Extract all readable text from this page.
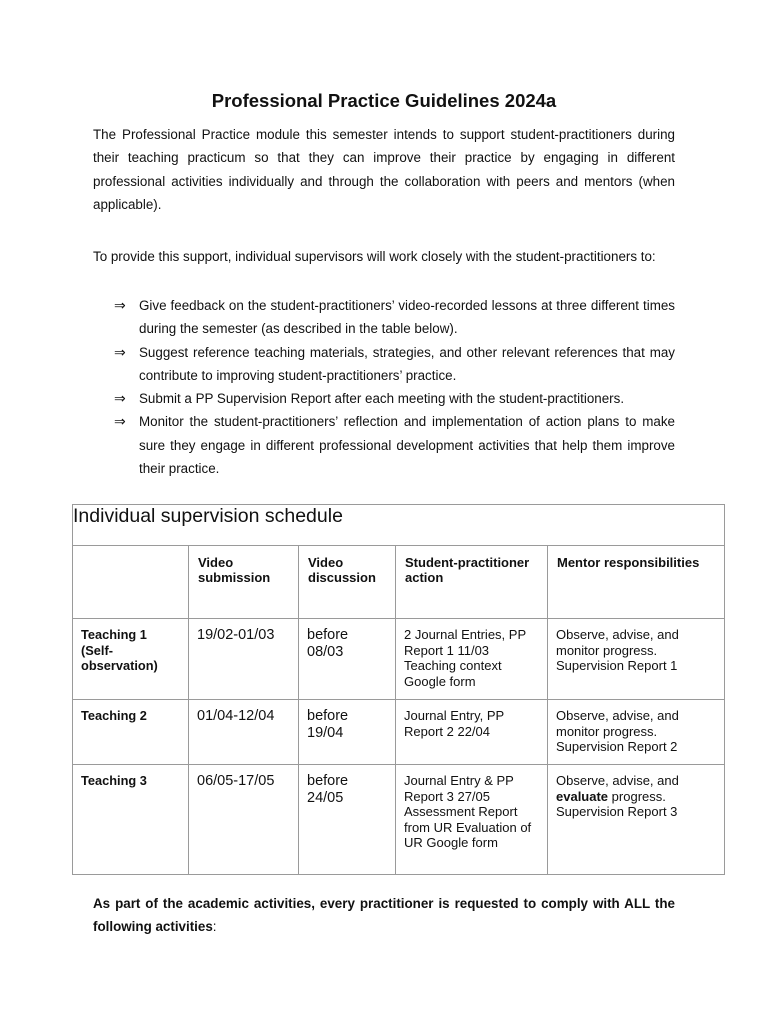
Professional Practice Guidelines 2024a

The Professional Practice module this semester intends to support student-practitioners during their teaching practicum so that they can improve their practice by engaging in different professional activities individually and through the collaboration with peers and mentors (when applicable).

To provide this support, individual supervisors will work closely with the student-practitioners to:

⇒ Give feedback on the student-practitioners’ video-recorded lessons at three different times during the semester (as described in the table below).
⇒ Suggest reference teaching materials, strategies, and other relevant references that may contribute to improving student-practitioners’ practice.
⇒ Submit a PP Supervision Report after each meeting with the student-practitioners.
⇒ Monitor the student-practitioners’ reflection and implementation of action plans to make sure they engage in different professional development activities that help them improve their practice.
Individual supervision schedule				
	Video submission	Video discussion	Student-practitioner action	Mentor responsibilities
Teaching 1 (Self-observation)	19/02-01/03	before 08/03	2 Journal Entries, PP Report 1 11/03 Teaching context Google form	Observe, advise, and monitor progress. Supervision Report 1
Teaching 2	01/04-12/04	before 19/04	Journal Entry, PP Report 2 22/04	Observe, advise, and monitor progress. Supervision Report 2
Teaching 3	06/05-17/05	before 24/05	Journal Entry & PP Report 3 27/05 Assessment Report from UR Evaluation of UR Google form	Observe, advise, and evaluate progress. Supervision Report 3

As part of the academic activities, every practitioner is requested to comply with ALL the following activities:
